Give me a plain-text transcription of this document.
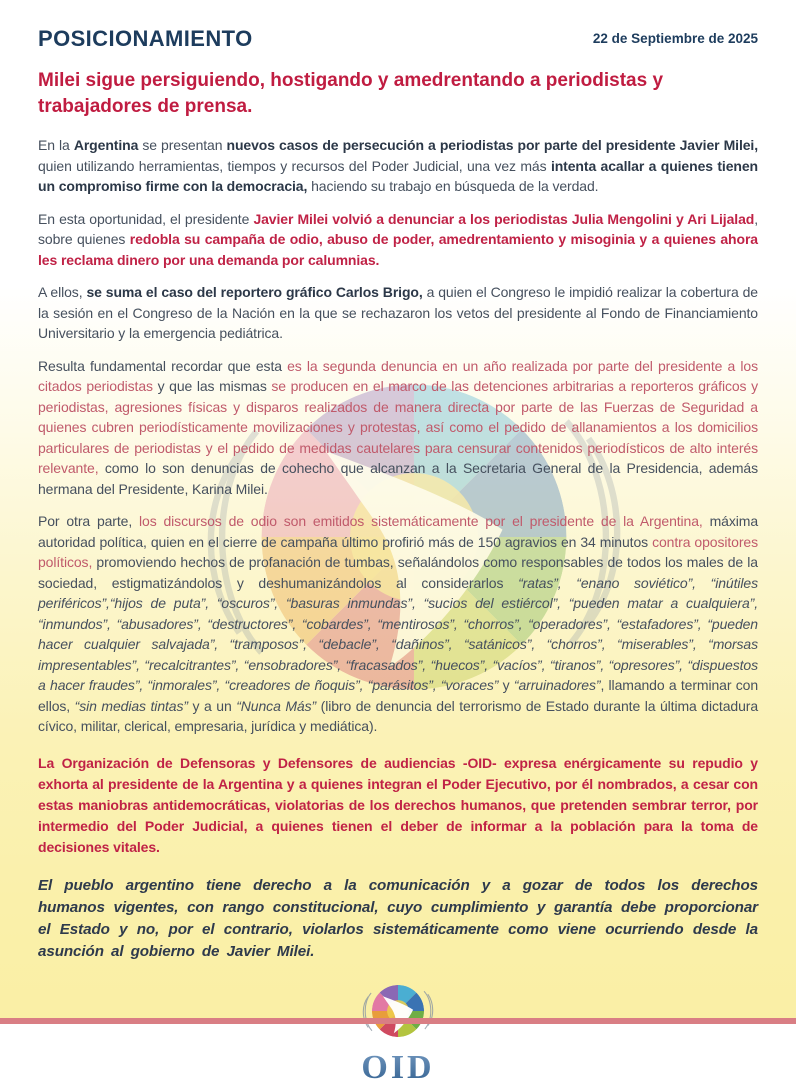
POSICIONAMIENTO	22 de Septiembre de 2025
Milei sigue persiguiendo, hostigando y amedrentando a periodistas y trabajadores de prensa.

En la Argentina se presentan nuevos casos de persecución a periodistas por parte del presidente Javier Milei, quien utilizando herramientas, tiempos y recursos del Poder Judicial, una vez más intenta acallar a quienes tienen un compromiso firme con la democracia, haciendo su trabajo en búsqueda de la verdad.

En esta oportunidad, el presidente Javier Milei volvió a denunciar a los periodistas Julia Mengolini y Ari Lijalad, sobre quienes redobla su campaña de odio, abuso de poder, amedrentamiento y misoginia y a quienes ahora les reclama dinero por una demanda por calumnias.

A ellos, se suma el caso del reportero gráfico Carlos Brigo, a quien el Congreso le impidió realizar la cobertura de la sesión en el Congreso de la Nación en la que se rechazaron los vetos del presidente al Fondo de Financiamiento Universitario y la emergencia pediátrica.

Resulta fundamental recordar que esta es la segunda denuncia en un año realizada por parte del presidente a los citados periodistas y que las mismas se producen en el marco de las detenciones arbitrarias a reporteros gráficos y periodistas, agresiones físicas y disparos realizados de manera directa por parte de las Fuerzas de Seguridad a quienes cubren periodísticamente movilizaciones y protestas, así como el pedido de allanamientos a los domicilios particulares de periodistas y el pedido de medidas cautelares para censurar contenidos periodísticos de alto interés relevante, como lo son denuncias de cohecho que alcanzan a la Secretaria General de la Presidencia, además hermana del Presidente, Karina Milei.

Por otra parte, los discursos de odio son emitidos sistemáticamente por el presidente de la Argentina, máxima autoridad política, quien en el cierre de campaña último profirió más de 150 agravios en 34 minutos contra opositores políticos, promoviendo hechos de profanación de tumbas, señalándolos como responsables de todos los males de la sociedad, estigmatizándolos y deshumanizándolos al considerarlos “ratas”, “enano soviético”, “inútiles periféricos”,“hijos de puta”, “oscuros”, “basuras inmundas”, “sucios del estiércol”, “pueden matar a cualquiera”, “inmundos”, “abusadores”, “destructores”, “cobardes”, “mentirosos”, “chorros”, “operadores”, “estafadores”, “pueden hacer cualquier salvajada”, “tramposos”, “debacle”, “dañinos”, “satánicos”, “chorros”, “miserables”, “morsas impresentables”, “recalcitrantes”, “ensobradores”, “fracasados”, “huecos”, “vacíos”, “tiranos”, “opresores”, “dispuestos a hacer fraudes”, “inmorales”, “creadores de ñoquis”, “parásitos”, “voraces” y “arruinadores”, llamando a terminar con ellos, “sin medias tintas” y a un “Nunca Más” (libro de denuncia del terrorismo de Estado durante la última dictadura cívico, militar, clerical, empresaria, jurídica y mediática).

La Organización de Defensoras y Defensores de audiencias -OID- expresa enérgicamente su repudio y exhorta al presidente de la Argentina y a quienes integran el Poder Ejecutivo, por él nombrados, a cesar con estas maniobras antidemocráticas, violatorias de los derechos humanos, que pretenden sembrar terror, por intermedio del Poder Judicial, a quienes tienen el deber de informar a la población para la toma de decisiones vitales.

El pueblo argentino tiene derecho a la comunicación y a gozar de todos los derechos humanos vigentes, con rango constitucional, cuyo cumplimiento y garantía debe proporcionar el Estado y no, por el contrario, violarlos sistemáticamente como viene ocurriendo desde la asunción al gobierno de Javier Milei.

OID
